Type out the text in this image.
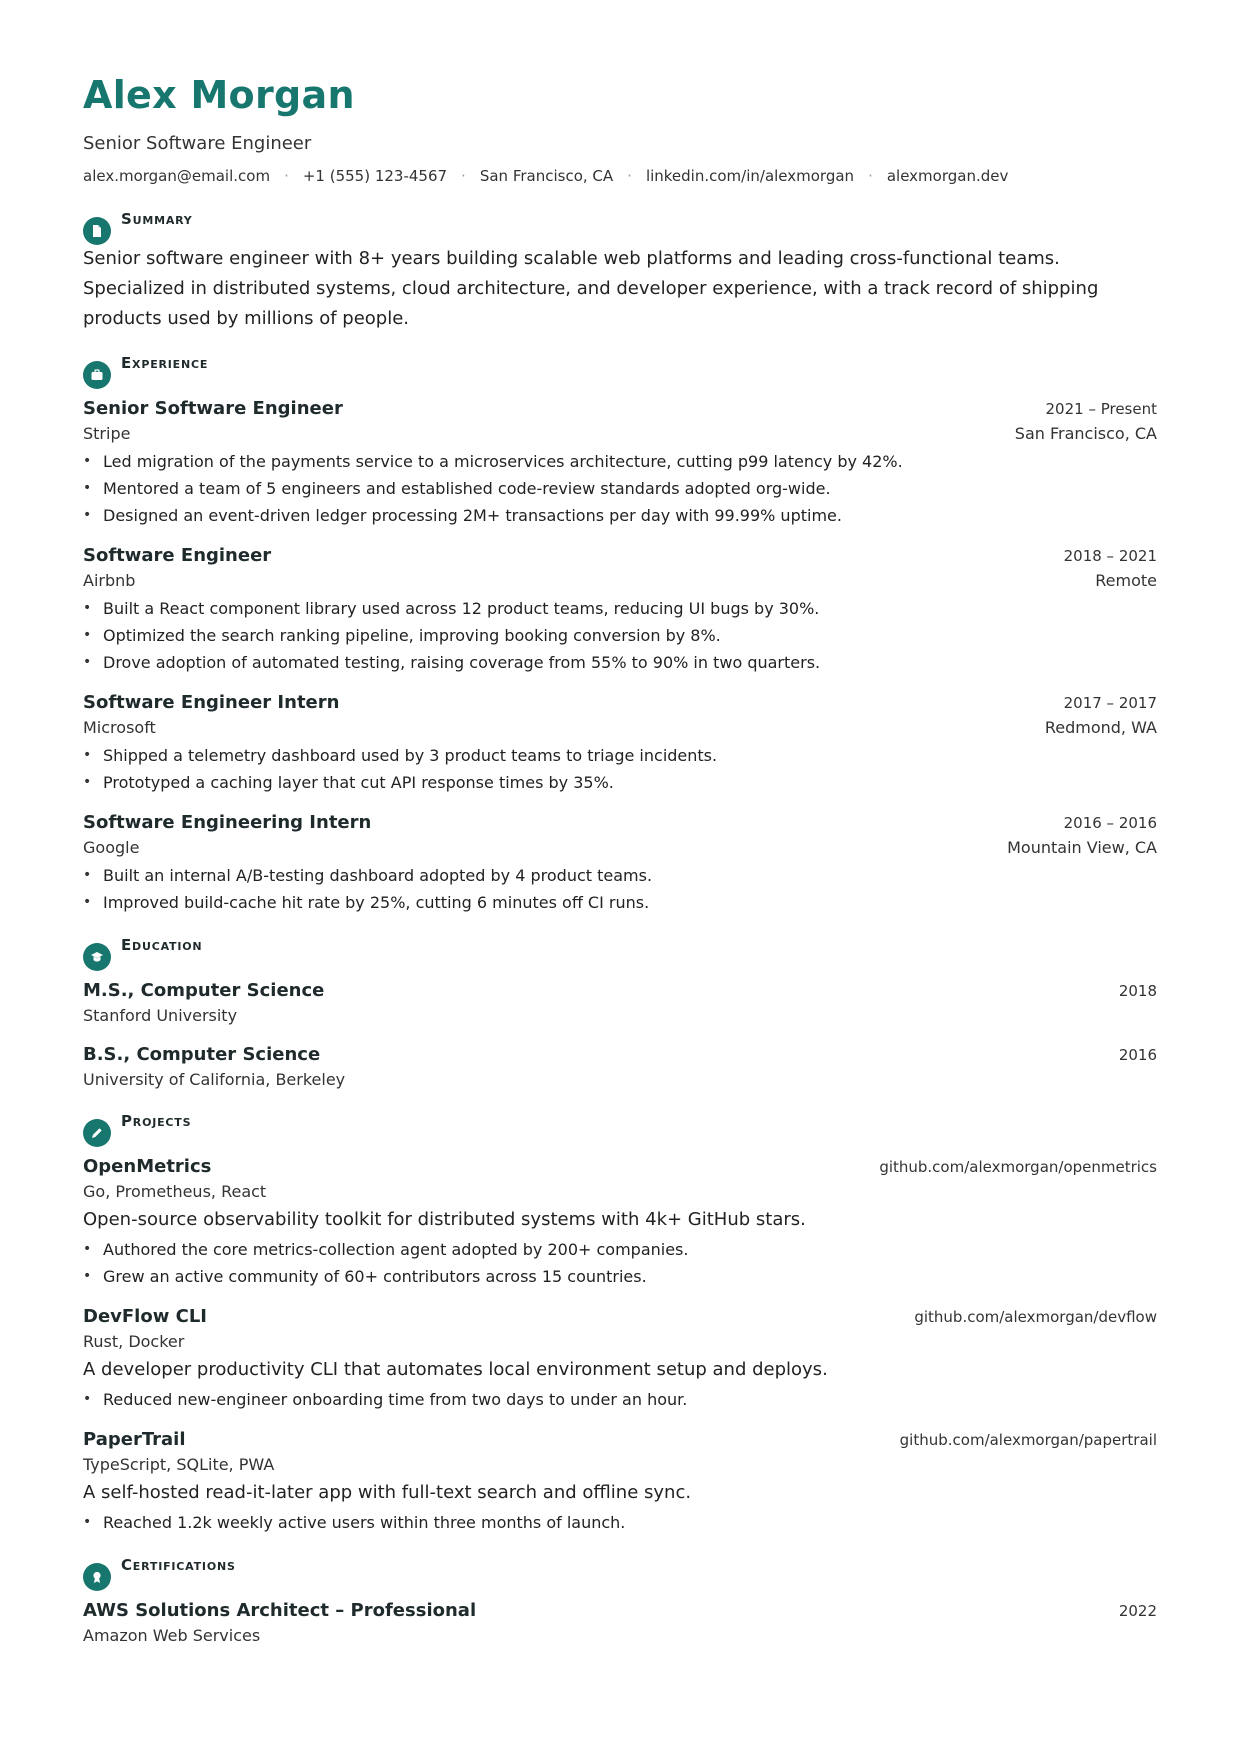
Alex Morgan
Senior Software Engineer
alex.morgan@email.com · +1 (555) 123-4567 · San Francisco, CA · linkedin.com/in/alexmorgan · alexmorgan.dev
Summary
Senior software engineer with 8+ years building scalable web platforms and leading cross-functional teams. Specialized in distributed systems, cloud architecture, and developer experience, with a track record of shipping products used by millions of people.
Experience
Senior Software Engineer	2021 – Present
Stripe	San Francisco, CA
• Led migration of the payments service to a microservices architecture, cutting p99 latency by 42%.
• Mentored a team of 5 engineers and established code-review standards adopted org-wide.
• Designed an event-driven ledger processing 2M+ transactions per day with 99.99% uptime.
Software Engineer	2018 – 2021
Airbnb	Remote
• Built a React component library used across 12 product teams, reducing UI bugs by 30%.
• Optimized the search ranking pipeline, improving booking conversion by 8%.
• Drove adoption of automated testing, raising coverage from 55% to 90% in two quarters.
Software Engineer Intern	2017 – 2017
Microsoft	Redmond, WA
• Shipped a telemetry dashboard used by 3 product teams to triage incidents.
• Prototyped a caching layer that cut API response times by 35%.
Software Engineering Intern	2016 – 2016
Google	Mountain View, CA
• Built an internal A/B-testing dashboard adopted by 4 product teams.
• Improved build-cache hit rate by 25%, cutting 6 minutes off CI runs.
Education
M.S., Computer Science	2018
Stanford University
B.S., Computer Science	2016
University of California, Berkeley
Projects
OpenMetrics	github.com/alexmorgan/openmetrics
Go, Prometheus, React
Open-source observability toolkit for distributed systems with 4k+ GitHub stars.
• Authored the core metrics-collection agent adopted by 200+ companies.
• Grew an active community of 60+ contributors across 15 countries.
DevFlow CLI	github.com/alexmorgan/devflow
Rust, Docker
A developer productivity CLI that automates local environment setup and deploys.
• Reduced new-engineer onboarding time from two days to under an hour.
PaperTrail	github.com/alexmorgan/papertrail
TypeScript, SQLite, PWA
A self-hosted read-it-later app with full-text search and offline sync.
• Reached 1.2k weekly active users within three months of launch.
Certifications
AWS Solutions Architect – Professional	2022
Amazon Web Services
